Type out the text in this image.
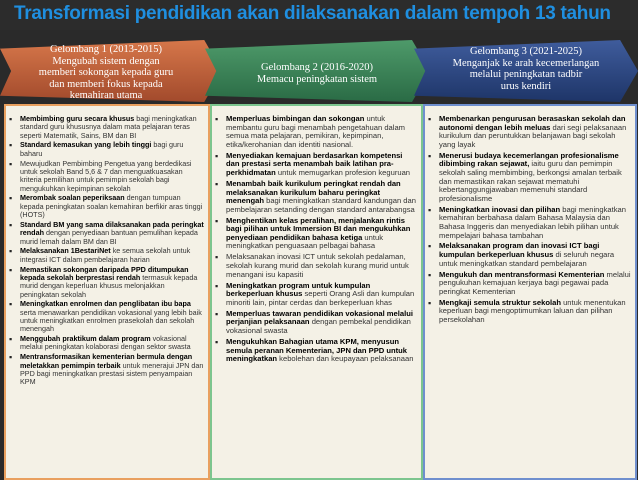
Transformasi pendidikan akan dilaksanakan dalam tempoh 13 tahun
Gelombang 1 (2013-2015)
Mengubah sistem dengan
memberi sokongan kepada guru
dan memberi fokus kepada
kemahiran utama
Gelombang 2 (2016-2020)
Memacu peningkatan sistem
Gelombang 3 (2021-2025)
Menganjak ke arah kecemerlangan
melalui peningkatan tadbir
urus kendiri
▪ Membimbing guru secara khusus bagi meningkatkan standard guru khususnya dalam mata pelajaran teras seperti Matematik, Sains, BM dan BI
▪ Standard kemasukan yang lebih tinggi bagi guru baharu
▪ Mewujudkan Pembimbing Pengetua yang berdedikasi untuk sekolah Band 5,6 & 7 dan menguatkuasakan kriteria pemilihan untuk pemimpin sekolah bagi mengukuhkan kepimpinan sekolah
▪ Merombak soalan peperiksaan dengan tumpuan kepada peningkatan soalan kemahiran berfikir aras tinggi (HOTS)
▪ Standard BM yang sama dilaksanakan pada peringkat rendah dengan penyediaan bantuan pemulihan kepada murid lemah dalam BM dan BI
▪ Melaksanakan 1BestariNet ke semua sekolah untuk integrasi ICT dalam pembelajaran harian
▪ Memastikan sokongan daripada PPD ditumpukan kepada sekolah berprestasi rendah termasuk kepada murid dengan keperluan khusus melonjakkan peningkatan sekolah
▪ Meningkatkan enrolmen dan penglibatan ibu bapa serta menawarkan pendidikan vokasional yang lebih baik untuk meningkatkan enrolmen prasekolah dan sekolah menengah
▪ Menggubah praktikum dalam program vokasional melalui peningkatan kolaborasi dengan sektor swasta
▪ Mentransformasikan kementerian bermula dengan meletakkan pemimpin terbaik untuk menerajui JPN dan PPD bagi meningkatkan prestasi sistem penyampaian KPM
▪ Memperluas bimbingan dan sokongan untuk membantu guru bagi menambah pengetahuan dalam semua mata pelajaran, pemikiran, kepimpinan, etika/kerohanian dan identiti nasional.
▪ Menyediakan kemajuan berdasarkan kompetensi dan prestasi serta menambah baik latihan pra-perkhidmatan untuk memugarkan profesion keguruan
▪ Menambah baik kurikulum peringkat rendah dan melaksanakan kurikulum baharu peringkat menengah bagi meningkatkan standard kandungan dan pembelajaran setanding dengan standard antarabangsa
▪ Menghentikan kelas peralihan, menjalankan rintis bagi pilihan untuk Immersion BI dan mengukuhkan penyediaan pendidikan bahasa ketiga untuk meningkatkan penguasaan pelbagai bahasa
▪ Melaksanakan inovasi ICT untuk sekolah pedalaman, sekolah kurang murid dan sekolah kurang murid untuk menangani isu kapasiti
▪ Meningkatkan program untuk kumpulan berkeperluan khusus seperti Orang Asli dan kumpulan minoriti lain, pintar cerdas dan berkeperluan khas
▪ Memperluas tawaran pendidikan vokasional melalui perjanjian pelaksanaan dengan pembekal pendidikan vokasional swasta
▪ Mengukuhkan Bahagian utama KPM, menyusun semula peranan Kementerian, JPN dan PPD untuk meningkatkan kebolehan dan keupayaan pelaksanaan
▪ Membenarkan pengurusan berasaskan sekolah dan autonomi dengan lebih meluas dari segi pelaksanaan kurikulum dan peruntukkan belanjawan bagi sekolah yang layak
▪ Menerusi budaya kecemerlangan profesionalisme dibimbing rakan sejawat, iaitu guru dan pemimpin sekolah saling membimbing, berkongsi amalan terbaik dan memastikan rakan sejawat mematuhi kebertanggungjawaban memenuhi standard profesionalisme
▪ Meningkatkan inovasi dan pilihan bagi meningkatkan kemahiran berbahasa dalam Bahasa Malaysia dan Bahasa Inggeris dan menyediakan lebih pilihan untuk mempelajari bahasa tambahan
▪ Melaksanakan program dan inovasi ICT bagi kumpulan berkeperluan khusus di seluruh negara untuk meningkatkan standard pembelajaran
▪ Mengukuh dan mentransformasi Kementerian melalui pengukuhan kemajuan kerjaya bagi pegawai pada peringkat Kementerian
▪ Mengkaji semula struktur sekolah untuk menentukan keperluan bagi mengoptimumkan laluan dan pilihan persekolahan
